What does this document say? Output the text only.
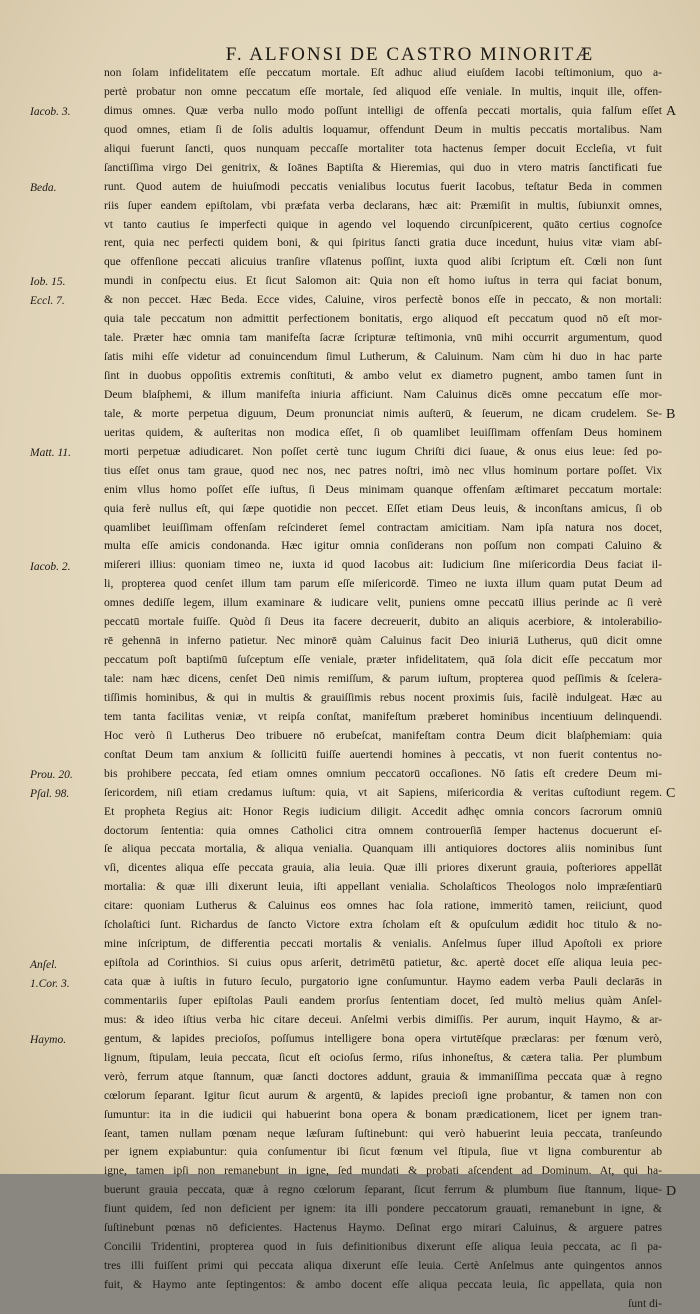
F. ALFONSI DE CASTRO MINORITÆ
non ſolam infidelitatem eſſe peccatum mortale. Eſt adhuc aliud eiuſdem Iacobi teſtimonium, quo a-
pertè probatur non omne peccatum eſſe mortale, ſed aliquod eſſe veniale. In multis, inquit ille, offen-
dimus omnes. Quæ verba nullo modo poſſunt intelligi de offenſa peccati mortalis, quia falſum eſſet
quod omnes, etiam ſi de ſolis adultis loquamur, offendunt Deum in multis peccatis mortalibus. Nam
aliqui fuerunt ſancti, quos nunquam peccaſſe mortaliter tota hactenus ſemper docuit Eccleſia, vt fuit
ſanctiſſima virgo Dei genitrix, & Ioānes Baptiſta & Hieremias, qui duo in vtero matris ſanctificati fue
runt. Quod autem de huiuſmodi peccatis venialibus locutus fuerit Iacobus, teſtatur Beda in commen
riis ſuper eandem epiſtolam, vbi præfata verba declarans, hæc ait: Præmiſit in multis, ſubiunxit omnes,
vt tanto cautius ſe imperfecti quique in agendo vel loquendo circunſpicerent, quāto certius cognoſce
rent, quia nec perfecti quidem boni, & qui ſpiritus ſancti gratia duce incedunt, huius vitæ viam abſ-
que offenſione peccati alicuius tranſire vſlatenus poſſint, iuxta quod alibi ſcriptum eſt. Cœli non ſunt
mundi in conſpectu eius. Et ſicut Salomon ait: Quia non eſt homo iuſtus in terra qui faciat bonum,
& non peccet. Hæc Beda. Ecce vides, Caluine, viros perfectè bonos eſſe in peccato, & non mortali:
quia tale peccatum non admittit perfectionem bonitatis, ergo aliquod eſt peccatum quod nō eſt mor-
tale. Præter hæc omnia tam manifeſta ſacræ ſcripturæ teſtimonia, vnū mihi occurrit argumentum, quod
ſatis mihi eſſe videtur ad conuincendum ſimul Lutherum, & Caluinum. Nam cùm hi duo in hac parte
ſint in duobus oppoſitis extremis conſtituti, & ambo velut ex diametro pugnent, ambo tamen ſunt in
Deum blaſphemi, & illum manifeſta iniuria afficiunt. Nam Caluinus dicēs omne peccatum eſſe mor-
tale, & morte perpetua diguum, Deum pronunciat nimis auſterū, & ſeuerum, ne dicam crudelem. Se-
ueritas quidem, & auſteritas non modica eſſet, ſi ob quamlibet leuiſſimam offenſam Deus hominem
morti perpetuæ adiudicaret. Non poſſet certè tunc iugum Chriſti dici ſuaue, & onus eius leue: ſed po-
tius eſſet onus tam graue, quod nec nos, nec patres noſtri, imò nec vllus hominum portare poſſet. Vix
enim vllus homo poſſet eſſe iuſtus, ſi Deus minimam quanque offenſam æſtimaret peccatum mortale:
quia ferè nullus eſt, qui ſæpe quotidie non peccet. Eſſet etiam Deus leuis, & inconſtans amicus, ſi ob
quamlibet leuiſſimam offenſam reſcinderet ſemel contractam amicitiam. Nam ipſa natura nos docet,
multa eſſe amicis condonanda. Hæc igitur omnia conſiderans non poſſum non compati Caluino &
miſereri illius: quoniam timeo ne, iuxta id quod Iacobus ait: Iudicium ſine miſericordia Deus faciat il-
li, propterea quod cenſet illum tam parum eſſe miſericordē. Timeo ne iuxta illum quam putat Deum ad
omnes dediſſe legem, illum examinare & iudicare velit, puniens omne peccatū illius perinde ac ſi verè
peccatū mortale fuiſſe. Quòd ſi Deus ita facere decreuerit, dubito an aliquis acerbiore, & intolerabilio-
rē gehennā in inferno patietur. Nec minorē quàm Caluinus facit Deo iniuriā Lutherus, quū dicit omne
peccatum poſt baptiſmū ſuſceptum eſſe veniale, præter infidelitatem, quā ſola dicit eſſe peccatum mor
tale: nam hæc dicens, cenſet Deū nimis remiſſum, & parum iuſtum, propterea quod peſſimis & ſcelera-
tiſſimis hominibus, & qui in multis & grauiſſimis rebus nocent proximis ſuis, facilè indulgeat. Hæc au
tem tanta facilitas veniæ, vt reipſa conſtat, manifeſtum præberet hominibus incentiuum delinquendi.
Hoc verò ſi Lutherus Deo tribuere nō erubeſcat, manifeſtam contra Deum dicit blaſphemiam: quia
conſtat Deum tam anxium & ſollicitū fuiſſe auertendi homines à peccatis, vt non fuerit contentus no-
bis prohibere peccata, ſed etiam omnes omnium peccatorū occaſiones. Nō ſatis eſt credere Deum mi-
ſericordem, niſi etiam credamus iuſtum: quia, vt ait Sapiens, miſericordia & veritas cuſtodiunt regem.
Et propheta Regius ait: Honor Regis iudicium diligit. Accedit adhęc omnia concors ſacrorum omniū
doctorum ſententia: quia omnes Catholici citra omnem controuerſiā ſemper hactenus docuerunt eſ-
ſe aliqua peccata mortalia, & aliqua venialia. Quanquam illi antiquiores doctores aliis nominibus ſunt
vſi, dicentes aliqua eſſe peccata grauia, alia leuia. Quæ illi priores dixerunt grauia, poſteriores appellāt
mortalia: & quæ illi dixerunt leuia, iſti appellant venialia. Scholaſticos Theologos nolo impræſentiarū
citare: quoniam Lutherus & Caluinus eos omnes hac ſola ratione, immeritò tamen, reiiciunt, quod
ſcholaſtici ſunt. Richardus de ſancto Victore extra ſcholam eſt & opuſculum ædidit hoc titulo & no-
mine inſcriptum, de differentia peccati mortalis & venialis. Anſelmus ſuper illud Apoſtoli ex priore
epiſtola ad Corinthios. Si cuius opus arſerit, detrimētū patietur, &c. apertè docet eſſe aliqua leuia pec-
cata quæ à iuſtis in futuro ſeculo, purgatorio igne conſumuntur. Haymo eadem verba Pauli declarās in
commentariis ſuper epiſtolas Pauli eandem prorſus ſententiam docet, ſed multò melius quàm Anſel-
mus: & ideo iſtius verba hic citare deceui. Anſelmi verbis dimiſſis. Per aurum, inquit Haymo, & ar-
gentum, & lapides precioſos, poſſumus intelligere bona opera virtutēſque præclaras: per fœnum verò,
lignum, ſtipulam, leuia peccata, ſicut eſt ocioſus ſermo, riſus inhoneſtus, & cætera talia. Per plumbum
verò, ferrum atque ſtannum, quæ ſancti doctores addunt, grauia & immaniſſima peccata quæ à regno
cœlorum ſeparant. Igitur ſicut aurum & argentū, & lapides precioſi igne probantur, & tamen non con
ſumuntur: ita in die iudicii qui habuerint bona opera & bonam prædicationem, licet per ignem tran-
ſeant, tamen nullam pœnam neque læſuram ſuſtinebunt: qui verò habuerint leuia peccata, tranſeundo
per ignem expiabuntur: quia conſumentur ibi ſicut fœnum vel ſtipula, ſiue vt ligna comburentur ab
igne, tamen ipſi non remanebunt in igne, ſed mundati & probati aſcendent ad Dominum. At, qui ha-
buerunt grauia peccata, quæ à regno cœlorum ſeparant, ſicut ferrum & plumbum ſiue ſtannum, lique-
fiunt quidem, ſed non deficient per ignem: ita illi pondere peccatorum grauati, remanebunt in igne, &
ſuſtinebunt pœnas nō deficientes. Hactenus Haymo. Deſinat ergo mirari Caluinus, & arguere patres
Concilii Tridentini, propterea quod in ſuis definitionibus dixerunt eſſe aliqua leuia peccata, ac ſi pa-
tres illi fuiſſent primi qui peccata aliqua dixerunt eſſe leuia. Certè Anſelmus ante quingentos annos
fuit, & Haymo ante ſeptingentos: & ambo docent eſſe aliqua peccata leuia, ſic appellata, quia non
ſunt di-
Iacob. 3.
Beda.
Iob. 15.
Eccl. 7.
Matt. 11.
Iacob. 2.
Prou. 20.
Pſal. 98.
Anſel.
1.Cor. 3.
Haymo.
A
B
C
D
